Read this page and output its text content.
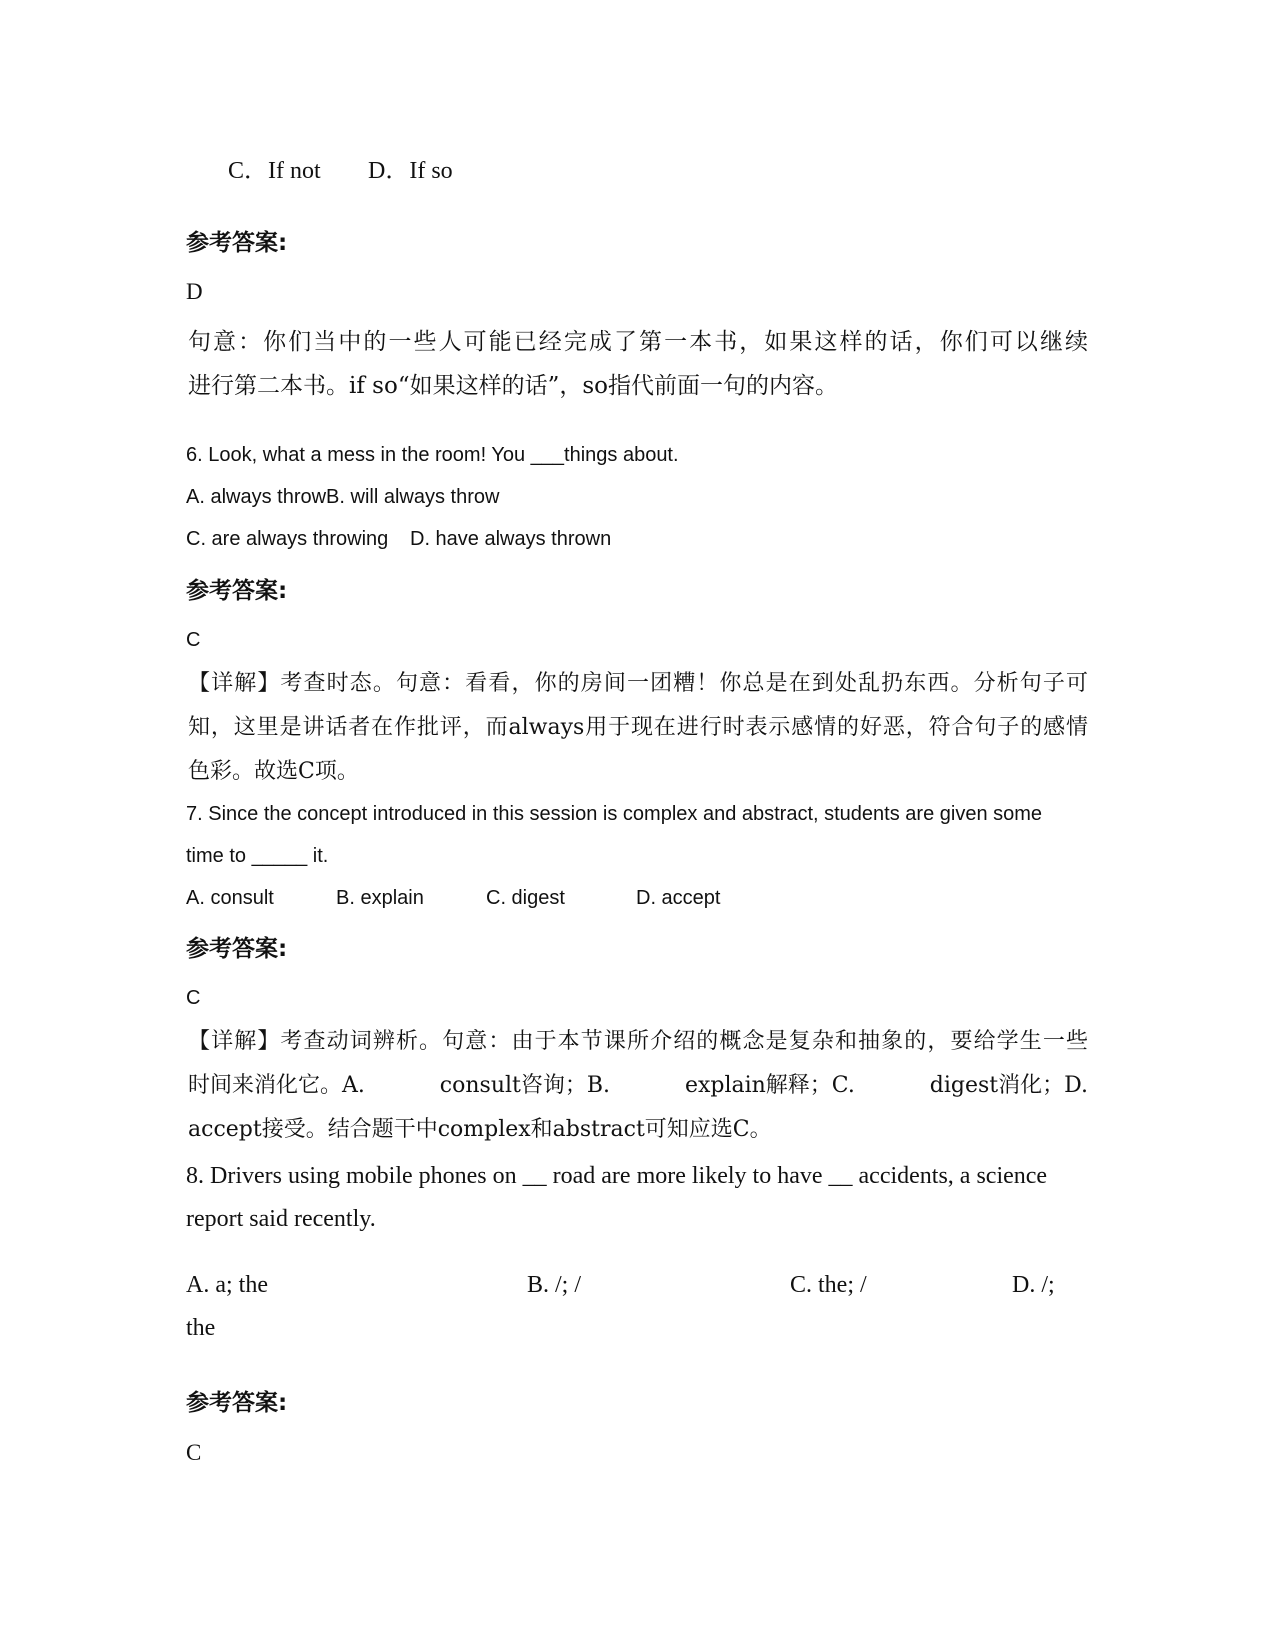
C．If not D．If so
参考答案:
D
句意：你们当中的一些人可能已经完成了第一本书，如果这样的话，你们可以继续
进行第二本书。if so“如果这样的话”，so指代前面一句的内容。
6. Look, what a mess in the room! You ___things about.
A. always throwB. will always throw
C. are always throwing D. have always thrown
参考答案:
C
【详解】考查时态。句意：看看，你的房间一团糟！你总是在到处乱扔东西。分析句子可
知，这里是讲话者在作批评，而always用于现在进行时表示感情的好恶，符合句子的感情
色彩。故选C项。
7. Since the concept introduced in this session is complex and abstract, students are given some
time to _____ it.
A. consult	B. explain	C. digest	D. accept
参考答案:
C
【详解】考查动词辨析。句意：由于本节课所介绍的概念是复杂和抽象的，要给学生一些
时间来消化它。A.	consult咨询；B.	explain解释；C.	digest消化；D.
accept接受。结合题干中complex和abstract可知应选C。
8. Drivers using mobile phones on __ road are more likely to have __ accidents, a science
report said recently.
A. a; the	B. /; /	C. the; /	D. /;
the
参考答案:
C
